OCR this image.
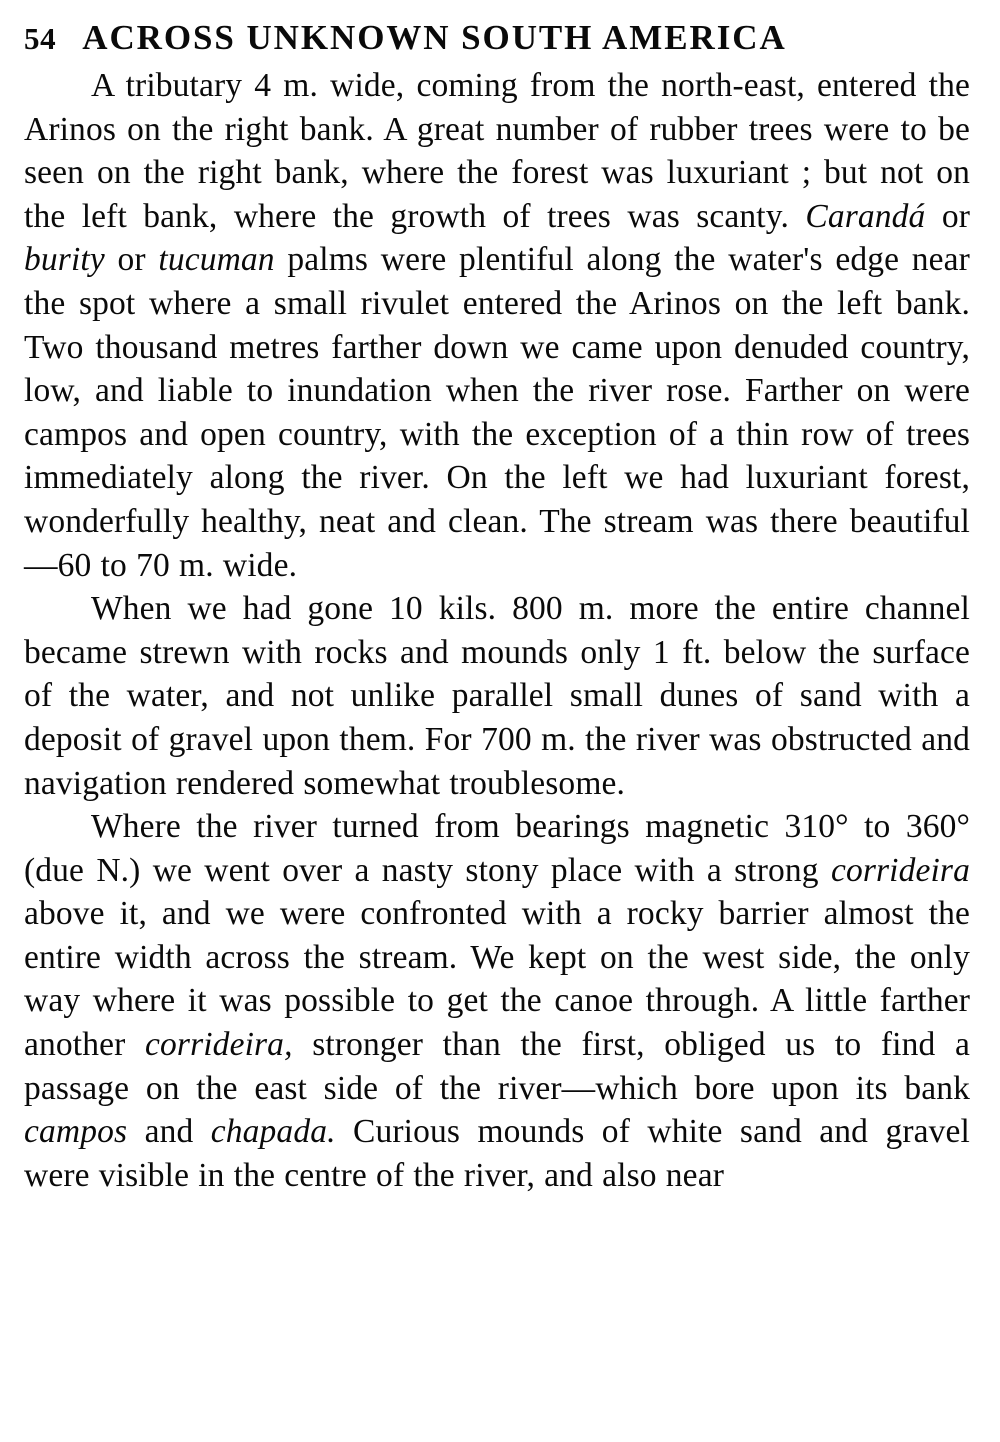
54 ACROSS UNKNOWN SOUTH AMERICA

A tributary 4 m. wide, coming from the north-east, entered the Arinos on the right bank. A great number of rubber trees were to be seen on the right bank, where the forest was luxuriant ; but not on the left bank, where the growth of trees was scanty. Carandá or burity or tucuman palms were plentiful along the water's edge near the spot where a small rivulet entered the Arinos on the left bank. Two thousand metres farther down we came upon denuded country, low, and liable to inundation when the river rose. Farther on were campos and open country, with the exception of a thin row of trees immediately along the river. On the left we had luxuriant forest, wonderfully healthy, neat and clean. The stream was there beautiful—60 to 70 m. wide.

When we had gone 10 kils. 800 m. more the entire channel became strewn with rocks and mounds only 1 ft. below the surface of the water, and not unlike parallel small dunes of sand with a deposit of gravel upon them. For 700 m. the river was obstructed and navigation rendered somewhat troublesome.

Where the river turned from bearings magnetic 310° to 360° (due N.) we went over a nasty stony place with a strong corrideira above it, and we were confronted with a rocky barrier almost the entire width across the stream. We kept on the west side, the only way where it was possible to get the canoe through. A little farther another corrideira, stronger than the first, obliged us to find a passage on the east side of the river—which bore upon its bank campos and chapada. Curious mounds of white sand and gravel were visible in the centre of the river, and also near
